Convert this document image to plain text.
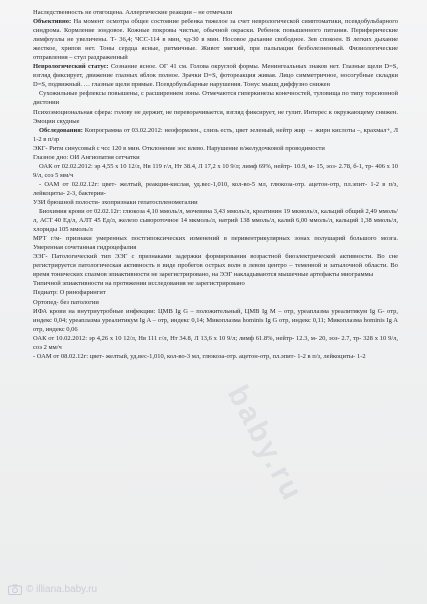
Наследственность не отягощена. Аллергические реакции – не отмечали

Объективно: На момент осмотра общее состояние ребенка тяжелое за счет неврологической симптоматики, псевдобульбарного синдрома. Кормление зондовое. Кожные покровы чистые, обычной окраски. Ребенок повышенного питания. Периферические лимфоузлы не увеличены. Т- 36,4; ЧСС-114 в мин, чд-30 в мин. Носовое дыхание свободное. Зев спокоен. В легких дыхание жесткое, хрипов нет. Тоны сердца ясные, ритмичные. Живот мягкий, при пальпации безболезненный. Физиологические отправления – стул раздраженный

Неврологический статус: Сознание ясное. ОГ 41 см. Голова округлой формы. Менингеальных знаков нет. Глазные щели D=S, взгляд фиксирует, движение глазных яблок полное. Зрачки D=S, фотореакция живая. Лицо симметричное, носогубные складки D=S, подвижный. … глазные щели прямые. Псевдобульбарные нарушения. Тонус мышц диффузно снижен

Сухожильные рефлексы повышены, с расширением зоны. Отмечаются гиперкинезы конечностей, туловища по типу торсионной дистонии

Психоэмоциональная сфера: голову не держит, не переворачивается, взгляд фиксирует, не гулит. Интерес к окружающему снижен. Эмоции скудные

Обследования: Копрограмма от 03.02.2012: неоформлен., слизь есть, цвет зеленый, нейтр жир → жирн кислоты –, крахмал+, Л 1-2 в п/зр

ЭКГ- Ритм синусовый с чсс 120 в мин. Отклонение эос влево. Нарушение в/желудочковой проводимости

Глазное дно: ОИ Ангиопатия сетчатки

ОАК от 02.02.2012: эр 4,55 х 10 12/л, Нв 119 г/л, Нт 38.4, Л 17,2 х 10 9/л; лимф 69%, нейтр- 10.9, м- 15, эоз- 2.78, б-1, тр- 406 х 10 9/л, соэ 5 мм/ч

- ОАМ от 02.02.12г: цвет- желтый, реакция-кислая, уд.вес-1,010, кол-во-5 мл, глюкоза-отр. ацетон-отр, пл.эпит- 1-2 в п/з, лейкоциты- 2-3, бактерии-

УЗИ брюшной полости- эхопризнаки гепатоспленомегалии

Биохимия крови от 02.02.12г: глюкоза 4,10 ммоль/л, мочевина 3,43 ммоль/л, креатинин 19 мкмоль/л, кальций общий 2,49 ммоль/л, АСТ 40 Ед/л, АЛТ 45 Ед/л, железо сывороточное 14 мкмоль/л, натрий 138 ммоль/л, калий 6,00 ммоль/л, кальций 1,38 ммоль/л, хлориды 105 ммоль/л

МРТ г/м- признаки умеренных постгипоксических изменений в перивентрикулярных зонах полушарий большого мозга. Умеренная сочетанная гидроцефалия

ЭЭГ- Патологический тип ЭЭГ с признаками задержки формирования возрастной биоэлектрической активности. Во сне регистрируется патологическая активность в виде пробегов острых волн в левом центро – теменной и затылочной области. Во время тонических спазмов эпиактивности не зарегистрировано, на ЭЭГ накладываются мышечные артефакты миограммы

Типичной эпиактивности на протяжении исследования не зарегистрировано

Педиатр: О ринофарингит

Ортопед- без патологии

ИФА крови на внутриутробные инфекции: ЦМВ Ig G – положительный, ЦМВ Ig M – отр, уреаплазма уреалитикум Ig G- отр, индекс 0,04; уреаплазма уреалитикум Ig A – отр, индекс 0,14; Микоплазма hominis Ig G отр, индекс 0,11; Микоплазма hominis Ig A отр, индекс 0,06

ОАК от 10.02.2012: эр 4,26 х 10 12/л, Нв 111 г/л, Нт 34.8, Л 13,6 х 10 9/л; лимф 61.8%, нейтр- 12.3, м- 20, эоз- 2.7, тр- 328 х 10 9/л, соэ 2 мм/ч

- ОАМ от 08.02.12г: цвет- желтый, уд.вес-1,010, кол-во-3 мл, глюкоза-отр. ацетон-отр, пл.эпит- 1-2 в п/з, лейкоциты- 1-2

baby.ru
© illiana.baby.ru
